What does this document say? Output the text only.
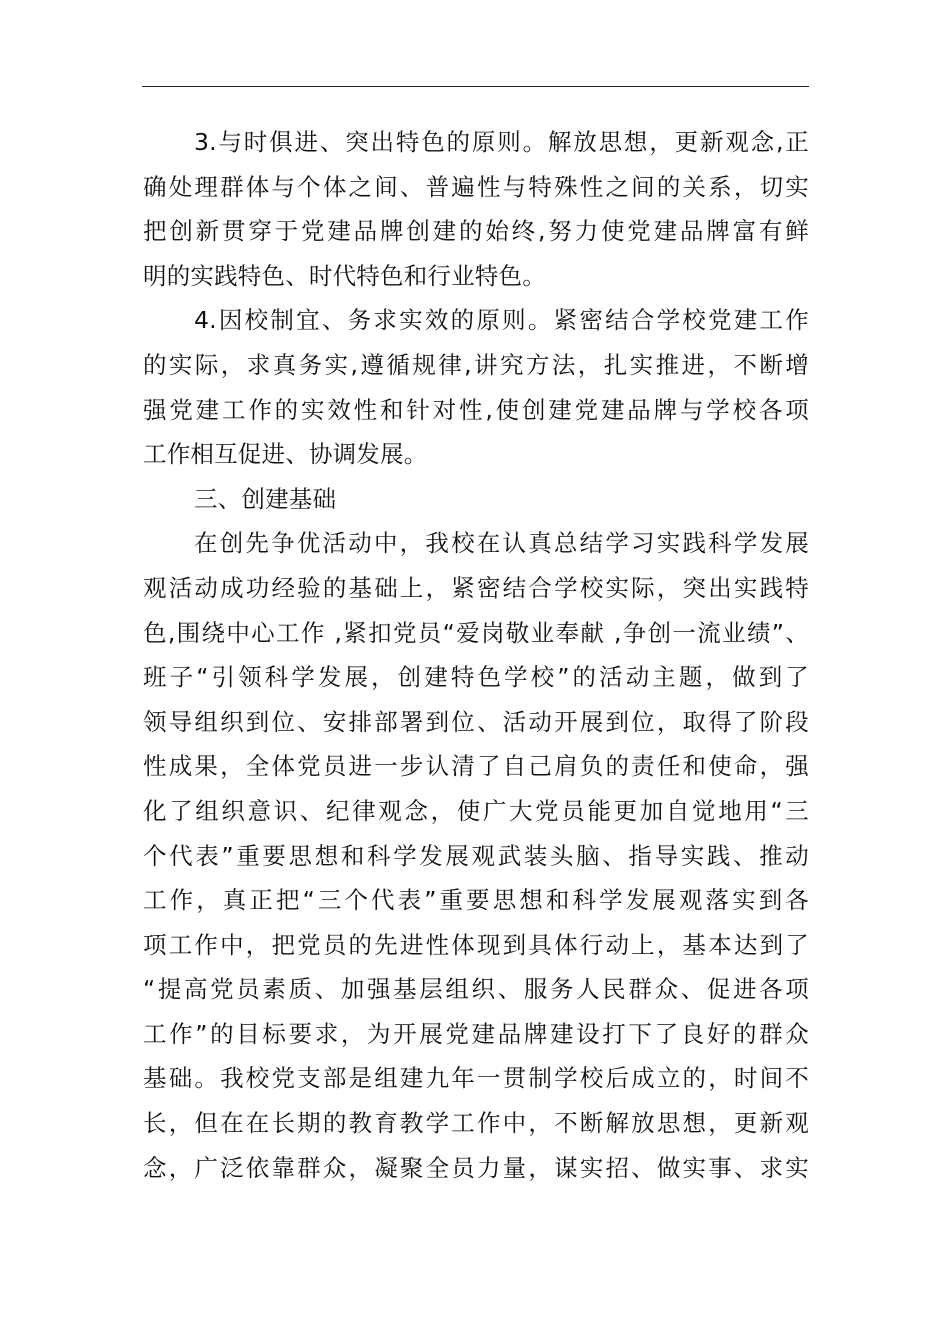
3.与时俱进、突出特色的原则。解放思想，更新观念,正
确处理群体与个体之间、普遍性与特殊性之间的关系，切实
把创新贯穿于党建品牌创建的始终,努力使党建品牌富有鲜
明的实践特色、时代特色和行业特色。
4.因校制宜、务求实效的原则。紧密结合学校党建工作
的实际，求真务实,遵循规律,讲究方法，扎实推进，不断增
强党建工作的实效性和针对性,使创建党建品牌与学校各项
工作相互促进、协调发展。
三、创建基础
在创先争优活动中，我校在认真总结学习实践科学发展
观活动成功经验的基础上，紧密结合学校实际，突出实践特
色,围绕中心工作 ,紧扣党员“爱岗敬业奉献 ,争创一流业绩”、
班子“引领科学发展，创建特色学校”的活动主题，做到了
领导组织到位、安排部署到位、活动开展到位，取得了阶段
性成果，全体党员进一步认清了自己肩负的责任和使命，强
化了组织意识、纪律观念，使广大党员能更加自觉地用“三
个代表”重要思想和科学发展观武装头脑、指导实践、推动
工作，真正把“三个代表”重要思想和科学发展观落实到各
项工作中，把党员的先进性体现到具体行动上，基本达到了
“提高党员素质、加强基层组织、服务人民群众、促进各项
工作”的目标要求，为开展党建品牌建设打下了良好的群众
基础。我校党支部是组建九年一贯制学校后成立的，时间不
长，但在在长期的教育教学工作中，不断解放思想，更新观
念，广泛依靠群众，凝聚全员力量，谋实招、做实事、求实
